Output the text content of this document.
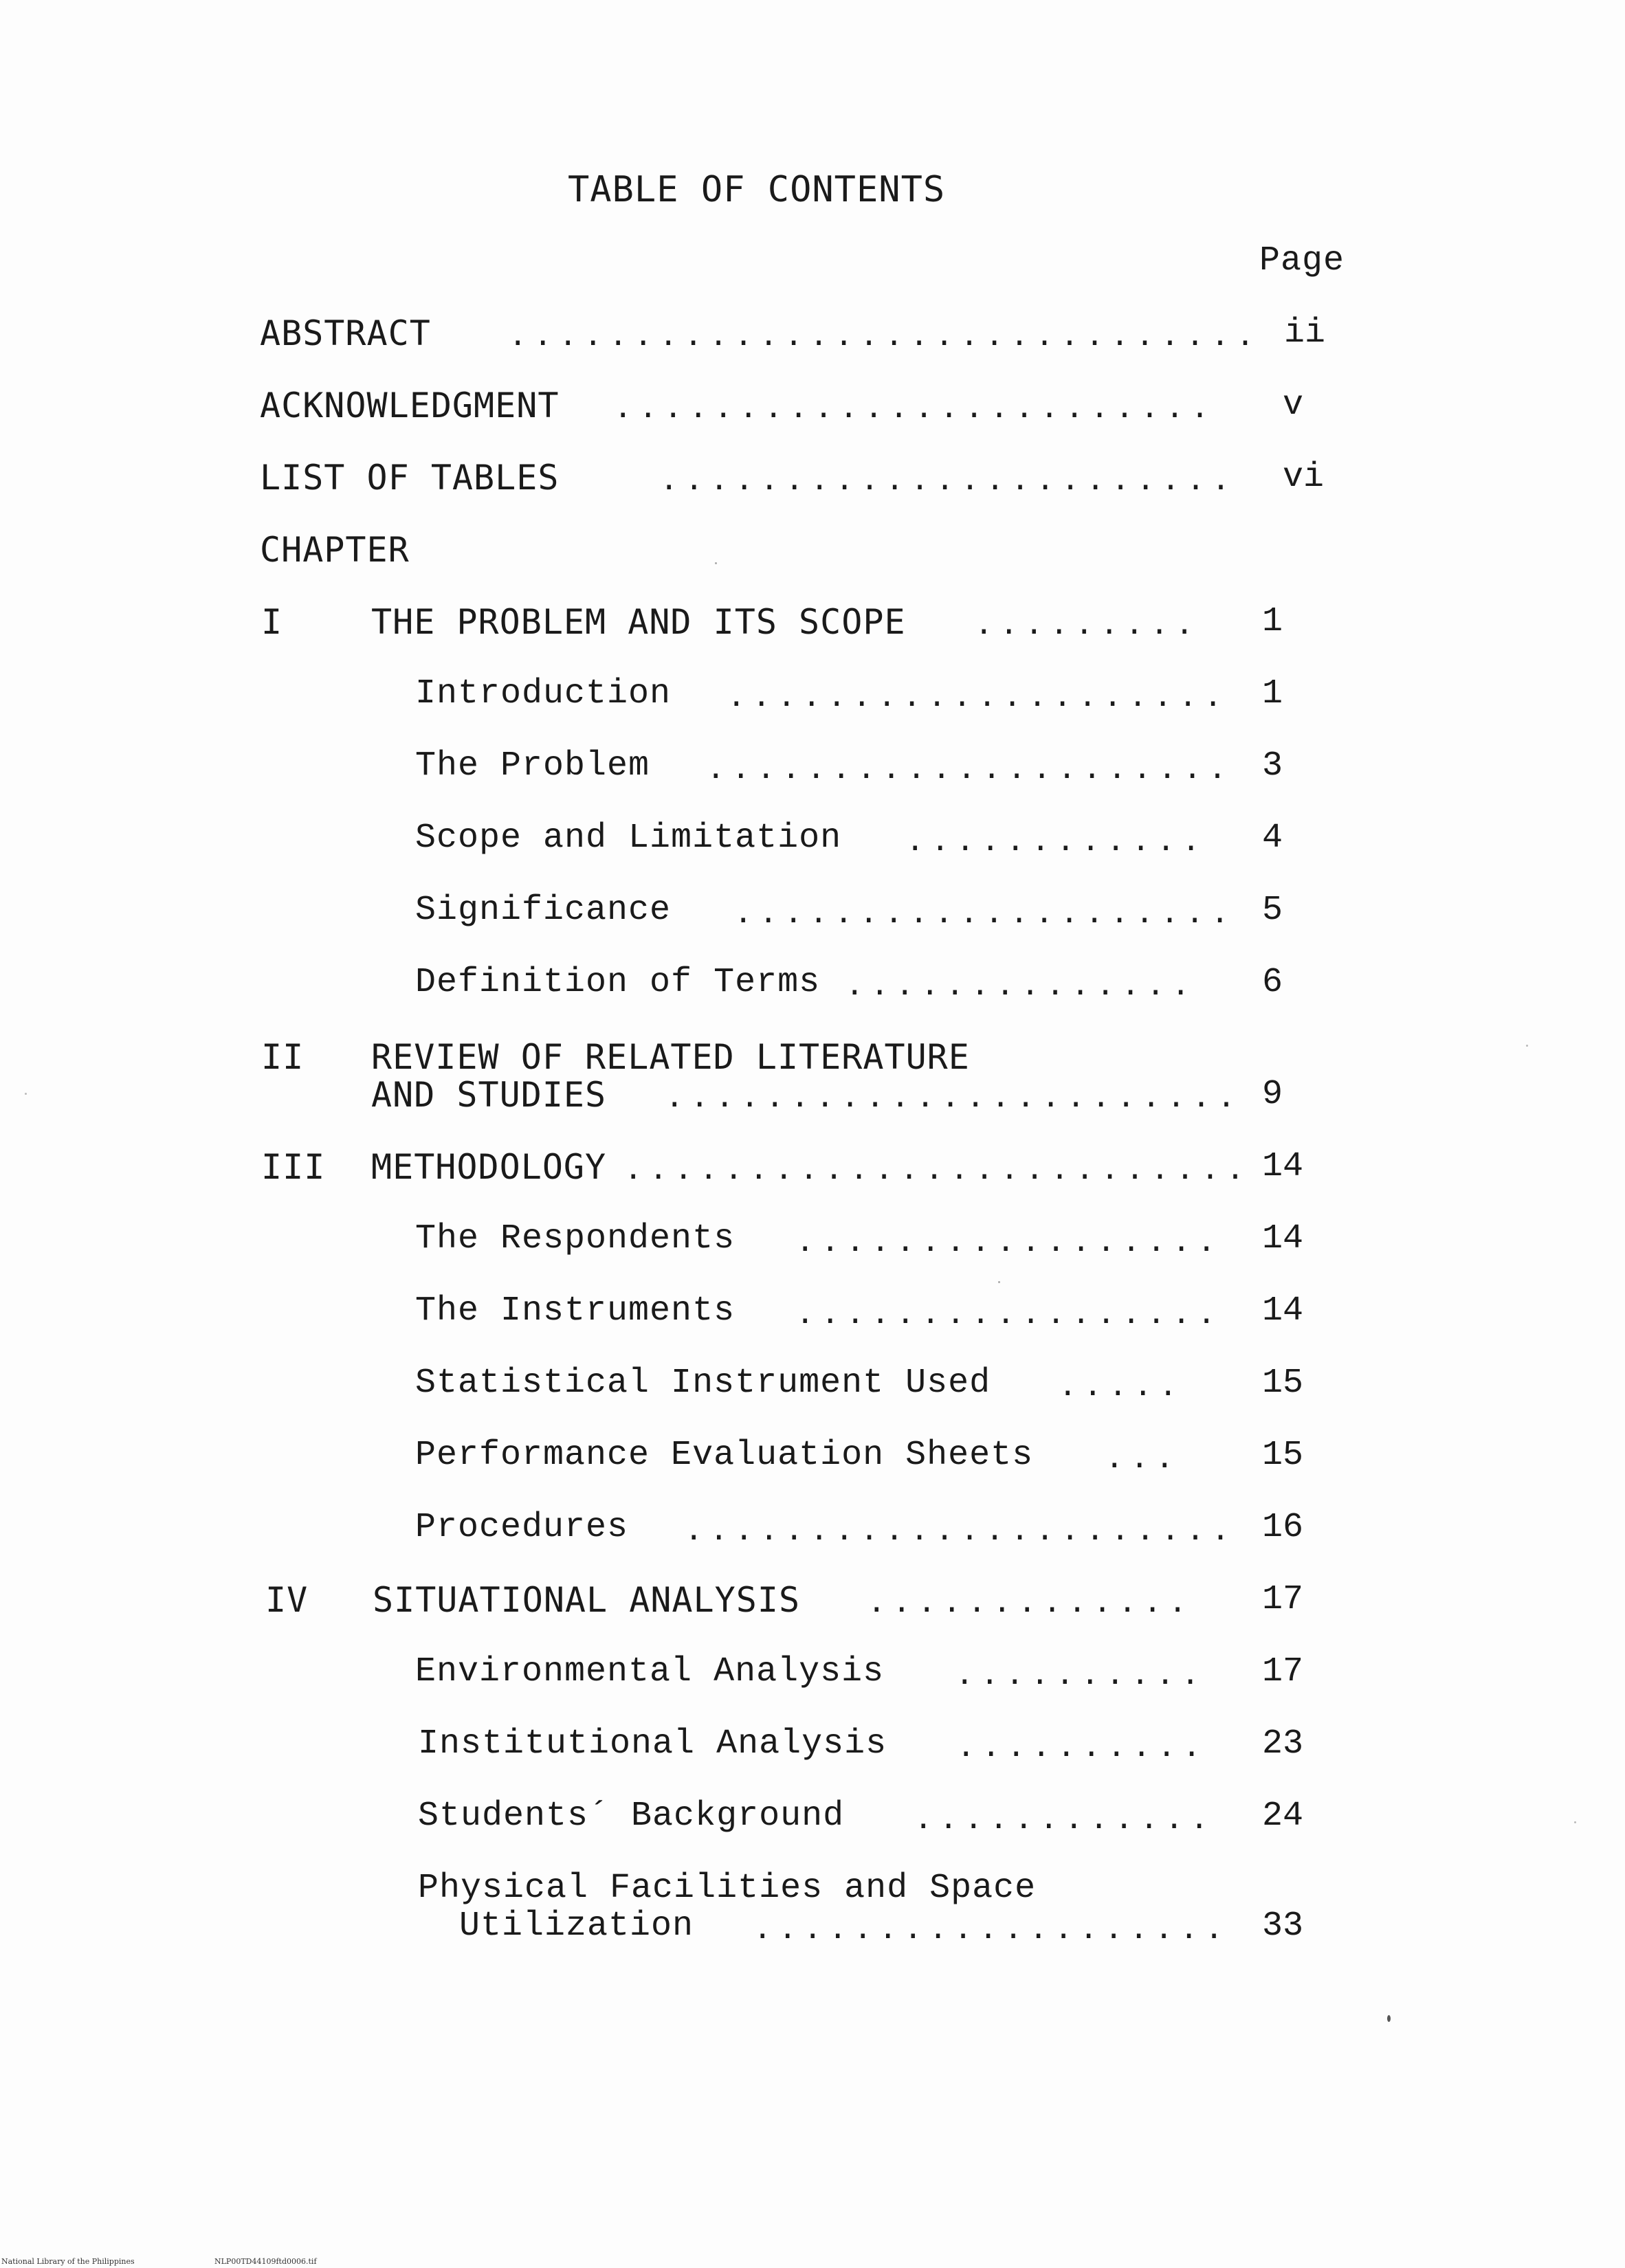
TABLE OF CONTENTS
Page
ABSTRACT	.............................. ii
ACKNOWLEDGMENT ........................ v
LIST OF TABLES	....................... vi
CHAPTER
I	THE PROBLEM AND ITS SCOPE ......... 1
Introduction .................... 1
The Problem ..................... 3
Scope and Limitation ............ 4
Significance .................... 5
Definition of Terms .............. 6
II REVIEW OF RELATED LITERATURE
AND STUDIES ....................... 9
III METHODOLOGY ......................... 14
The Respondents ................. 14
The Instruments ................. 14
Statistical Instrument Used ..... 15
Performance Evaluation Sheets ... 15
Procedures ...................... 16
IV SITUATIONAL ANALYSIS ............. 17
Environmental Analysis .......... 17
Institutional Analysis .......... 23
Students´ Background ............ 24
Physical Facilities and Space
Utilization ................... 33
National Library of the Philippines	NLP00TD44109ftd0006.tif
